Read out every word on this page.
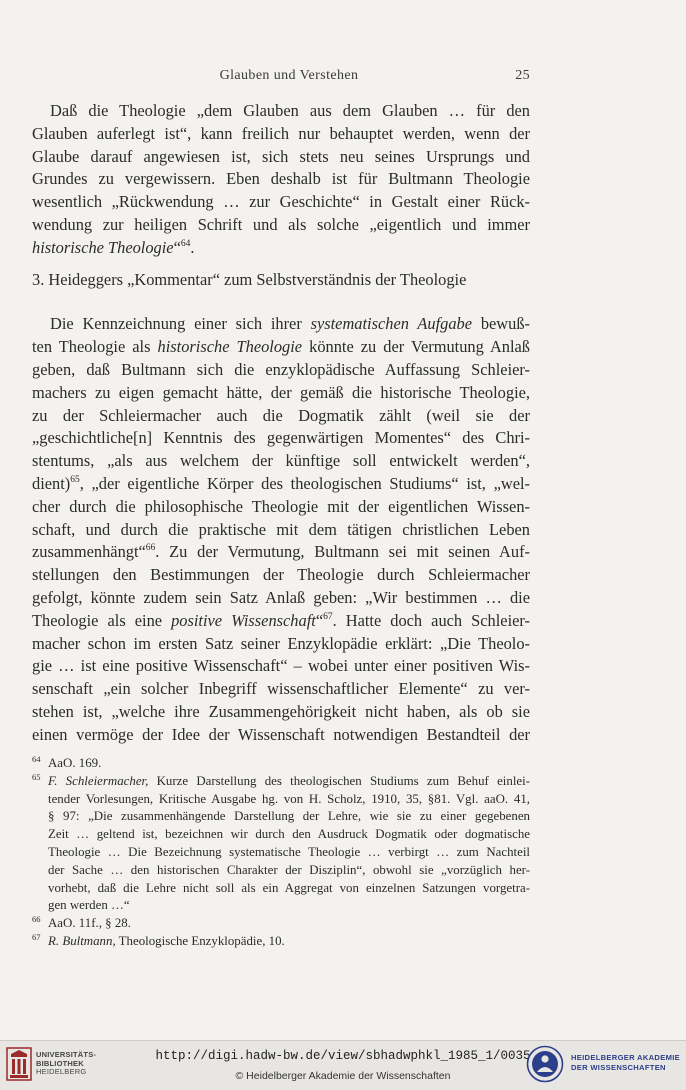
Glauben und Verstehen	25
Daß die Theologie „dem Glauben aus dem Glauben … für den
Glauben auferlegt ist“, kann freilich nur behauptet werden, wenn der
Glaube darauf angewiesen ist, sich stets neu seines Ursprungs und
Grundes zu vergewissern. Eben deshalb ist für Bultmann Theologie
wesentlich „Rückwendung … zur Geschichte“ in Gestalt einer Rück-
wendung zur heiligen Schrift und als solche „eigentlich und immer
historische Theologie“$^{64}$.
3. Heideggers „Kommentar“ zum Selbstverständnis der Theologie
Die Kennzeichnung einer sich ihrer systematischen Aufgabe bewuß-
ten Theologie als historische Theologie könnte zu der Vermutung Anlaß
geben, daß Bultmann sich die enzyklopädische Auffassung Schleier-
machers zu eigen gemacht hätte, der gemäß die historische Theologie,
zu der Schleiermacher auch die Dogmatik zählt (weil sie der
„geschichtliche[n] Kenntnis des gegenwärtigen Momentes“ des Chri-
stentums, „als aus welchem der künftige soll entwickelt werden“,
dient)$^{65}$, „der eigentliche Körper des theologischen Studiums“ ist, „wel-
cher durch die philosophische Theologie mit der eigentlichen Wissen-
schaft, und durch die praktische mit dem tätigen christlichen Leben
zusammenhängt“$^{66}$. Zu der Vermutung, Bultmann sei mit seinen Auf-
stellungen den Bestimmungen der Theologie durch Schleiermacher
gefolgt, könnte zudem sein Satz Anlaß geben: „Wir bestimmen … die
Theologie als eine positive Wissenschaft“$^{67}$. Hatte doch auch Schleier-
macher schon im ersten Satz seiner Enzyklopädie erklärt: „Die Theolo-
gie … ist eine positive Wissenschaft“ – wobei unter einer positiven Wis-
senschaft „ein solcher Inbegriff wissenschaftlicher Elemente“ zu ver-
stehen ist, „welche ihre Zusammengehörigkeit nicht haben, als ob sie
einen vermöge der Idee der Wissenschaft notwendigen Bestandteil der
$^{64}$ AaO. 169.
$^{65}$ F. Schleiermacher, Kurze Darstellung des theologischen Studiums zum Behuf einlei-
tender Vorlesungen, Kritische Ausgabe hg. von H. Scholz, 1910, 35, §81. Vgl. aaO. 41,
§ 97: „Die zusammenhängende Darstellung der Lehre, wie sie zu einer gegebenen
Zeit … geltend ist, bezeichnen wir durch den Ausdruck Dogmatik oder dogmatische
Theologie … Die Bezeichnung systematische Theologie … verbirgt … zum Nachteil
der Sache … den historischen Charakter der Disziplin“, obwohl sie „vorzüglich her-
vorhebt, daß die Lehre nicht soll als ein Aggregat von einzelnen Satzungen vorgetra-
gen werden …“
$^{66}$ AaO. 11f., § 28.
$^{67}$ R. Bultmann, Theologische Enzyklopädie, 10.
UNIVERSITÄTS-
BIBLIOTHEK
HEIDELBERG
http://digi.hadw-bw.de/view/sbhadwphkl_1985_1/0035
© Heidelberger Akademie der Wissenschaften
HEIDELBERGER AKADEMIE
DER WISSENSCHAFTEN
